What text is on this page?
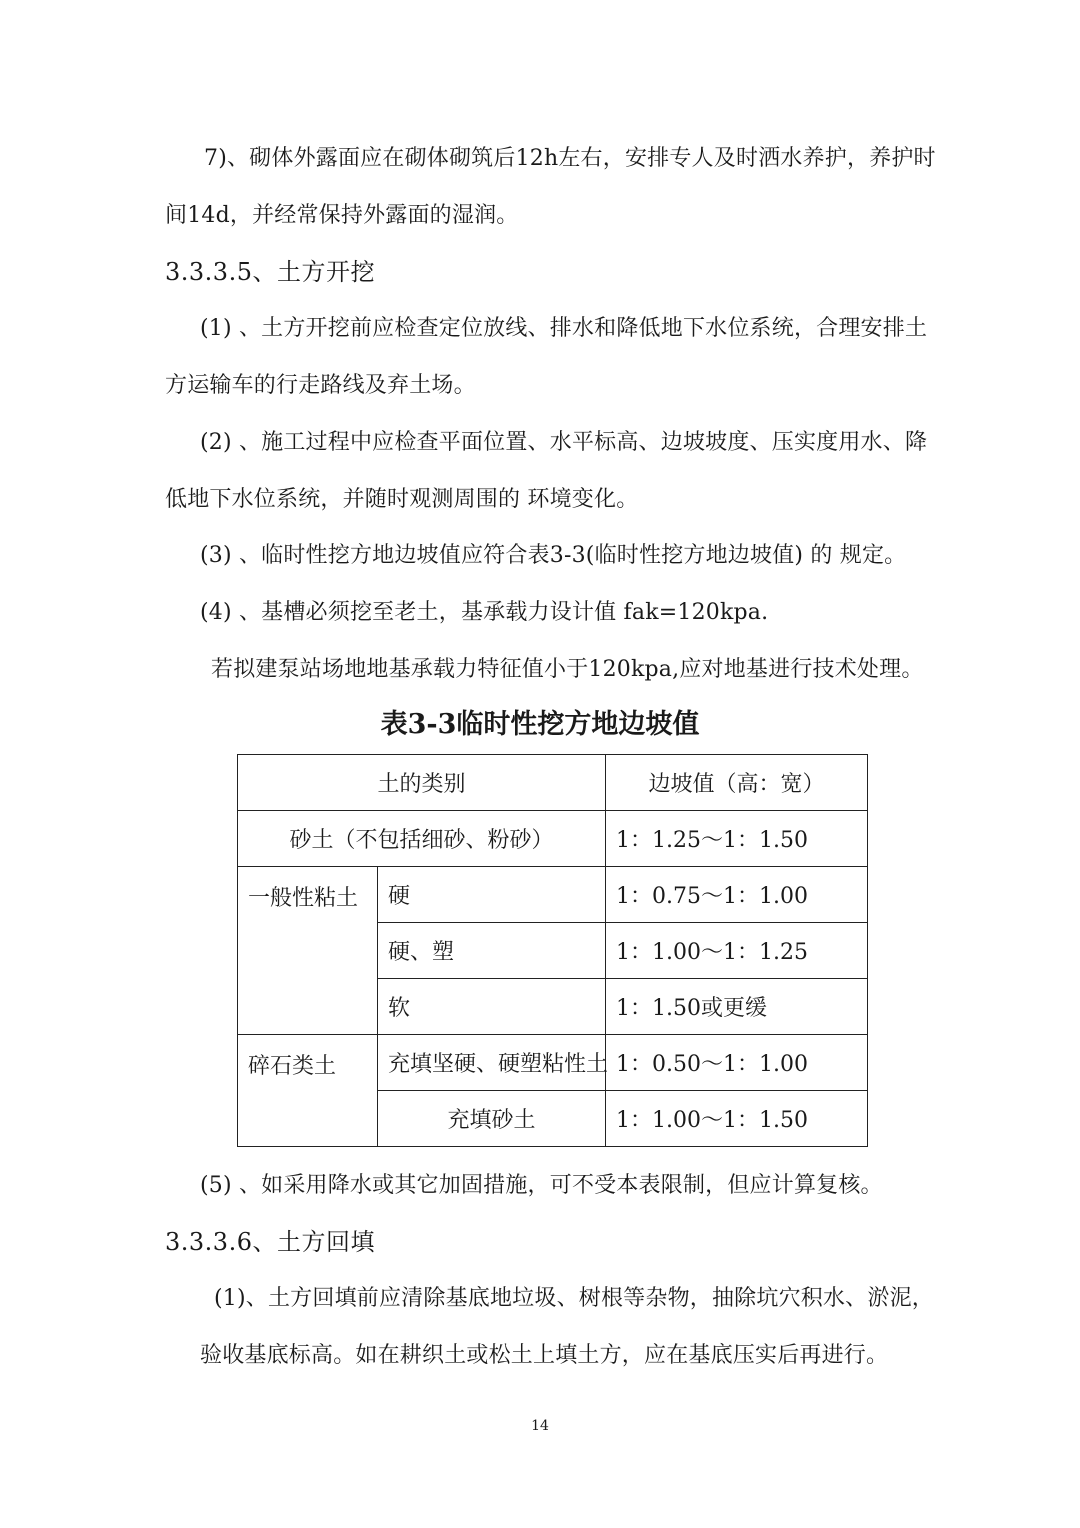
7)、砌体外露面应在砌体砌筑后12h左右，安排专人及时洒水养护，养护时

间14d，并经常保持外露面的湿润。

3.3.3.5、土方开挖

(1) 、土方开挖前应检查定位放线、排水和降低地下水位系统，合理安排土

方运输车的行走路线及弃土场。

(2) 、施工过程中应检查平面位置、水平标高、边坡坡度、压实度用水、降

低地下水位系统，并随时观测周围的 环境变化。

(3) 、临时性挖方地边坡值应符合表3-3(临时性挖方地边坡值) 的 规定。

(4) 、基槽必须挖至老土，基承载力设计值 fak=120kpa.

若拟建泵站场地地基承载力特征值小于120kpa,应对地基进行技术处理。

表3-3临时性挖方地边坡值

土的类别		边坡值（高：宽）
砂土（不包括细砂、粉砂）		1：1.25～1：1.50
一般性粘土	硬	1：0.75～1：1.00
	硬、塑	1：1.00～1：1.25
	软	1：1.50或更缓
碎石类土	充填坚硬、硬塑粘性土	1：0.50～1：1.00
	充填砂土	1：1.00～1：1.50

(5) 、如采用降水或其它加固措施，可不受本表限制，但应计算复核。

3.3.3.6、土方回填

(1)、土方回填前应清除基底地垃圾、树根等杂物，抽除坑穴积水、淤泥，

验收基底标高。如在耕织土或松土上填土方，应在基底压实后再进行。

14
